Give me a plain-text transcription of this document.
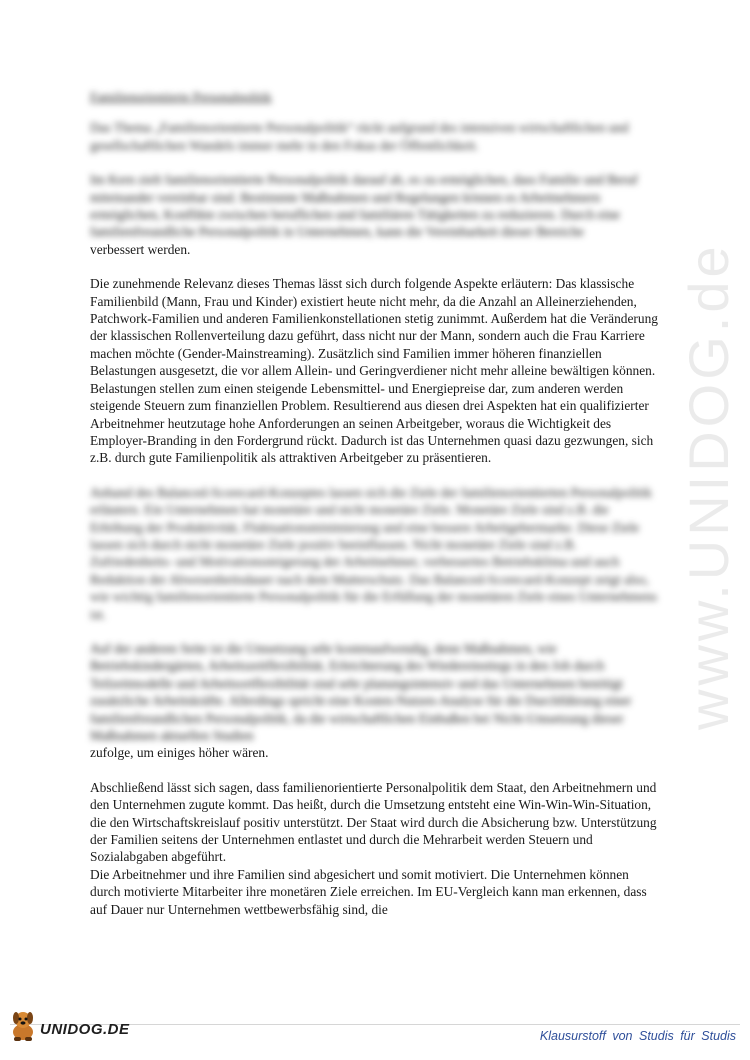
Familienorientierte Personalpolitik

Das Thema „Familienorientierte Personalpolitik“ rückt aufgrund des intensiven wirtschaftlichen und gesellschaftlichen Wandels immer mehr in den Fokus der Öffentlichkeit.

Im Kern zielt familienorientierte Personalpolitik darauf ab, es zu ermöglichen, dass Familie und Beruf miteinander vereinbar sind. Bestimmte Maßnahmen und Regelungen können es Arbeitnehmern ermöglichen, Konflikte zwischen beruflichen und familiären Tätigkeiten zu reduzieren. Durch eine familienfreundliche Personalpolitik in Unternehmen, kann die Vereinbarkeit dieser Bereiche
verbessert werden.

Die zunehmende Relevanz dieses Themas lässt sich durch folgende Aspekte erläutern: Das klassische Familienbild (Mann, Frau und Kinder) existiert heute nicht mehr, da die Anzahl an Alleinerziehenden, Patchwork-Familien und anderen Familienkonstellationen stetig zunimmt. Außerdem hat die Veränderung der klassischen Rollenverteilung dazu geführt, dass nicht nur der Mann, sondern auch die Frau Karriere machen möchte (Gender-Mainstreaming). Zusätzlich sind Familien immer höheren finanziellen Belastungen ausgesetzt, die vor allem Allein- und Geringverdiener nicht mehr alleine bewältigen können. Belastungen stellen zum einen steigende Lebensmittel- und Energiepreise dar, zum anderen werden steigende Steuern zum finanziellen Problem. Resultierend aus diesen drei Aspekten hat ein qualifizierter Arbeitnehmer heutzutage hohe Anforderungen an seinen Arbeitgeber, woraus die Wichtigkeit des Employer-Branding in den Fordergrund rückt. Dadurch ist das Unternehmen quasi dazu gezwungen, sich z.B. durch gute Familienpolitik als attraktiven Arbeitgeber zu präsentieren.

Anhand des Balanced-Scorecard-Konzeptes lassen sich die Ziele der familienorientierten Personalpolitik erläutern. Ein Unternehmen hat monetäre und nicht monetäre Ziele. Monetäre Ziele sind z.B. die Erhöhung der Produktivität, Fluktuationsminimierung und eine bessere Arbeitgebermarke. Diese Ziele lassen sich durch nicht monetäre Ziele positiv beeinflussen. Nicht monetäre Ziele sind z.B. Zufriedenheits- und Motivationssteigerung der Arbeitnehmer, verbessertes Betriebsklima und auch Reduktion der Abwesenheitsdauer nach dem Mutterschutz. Das Balanced-Scorecard-Konzept zeigt also, wie wichtig familienorientierte Personalpolitik für die Erfüllung der monetären Ziele eines Unternehmens ist.

Auf der anderen Seite ist die Umsetzung sehr kostenaufwendig, denn Maßnahmen, wie Betriebskindergärten, Arbeitszeitflexibilität, Erleichterung des Wiedereinstiegs in den Job durch Teilzeitmodelle und Arbeitsortflexibilität sind sehr planungsintensiv und das Unternehmen benötigt zusätzliche Arbeitskräfte. Allerdings spricht eine Kosten-Nutzen-Analyse für die Durchführung einer familienfreundlichen Personalpolitik, da die wirtschaftlichen Einbußen bei Nicht-Umsetzung dieser Maßnahmen aktuellen Studien
zufolge, um einiges höher wären.

Abschließend lässt sich sagen, dass familienorientierte Personalpolitik dem Staat, den Arbeitnehmern und den Unternehmen zugute kommt. Das heißt, durch die Umsetzung entsteht eine Win-Win-Win-Situation, die den Wirtschaftskreislauf positiv unterstützt. Der Staat wird durch die Absicherung bzw. Unterstützung der Familien seitens der Unternehmen entlastet und durch die Mehrarbeit werden Steuern und Sozialabgaben abgeführt.
Die Arbeitnehmer und ihre Familien sind abgesichert und somit motiviert. Die Unternehmen können durch motivierte Mitarbeiter ihre monetären Ziele erreichen. Im EU-Vergleich kann man erkennen, dass auf Dauer nur Unternehmen wettbewerbsfähig sind, die

www.UNIDOG.de
UNIDOG.DE	Klausurstoff von Studis für Studis
